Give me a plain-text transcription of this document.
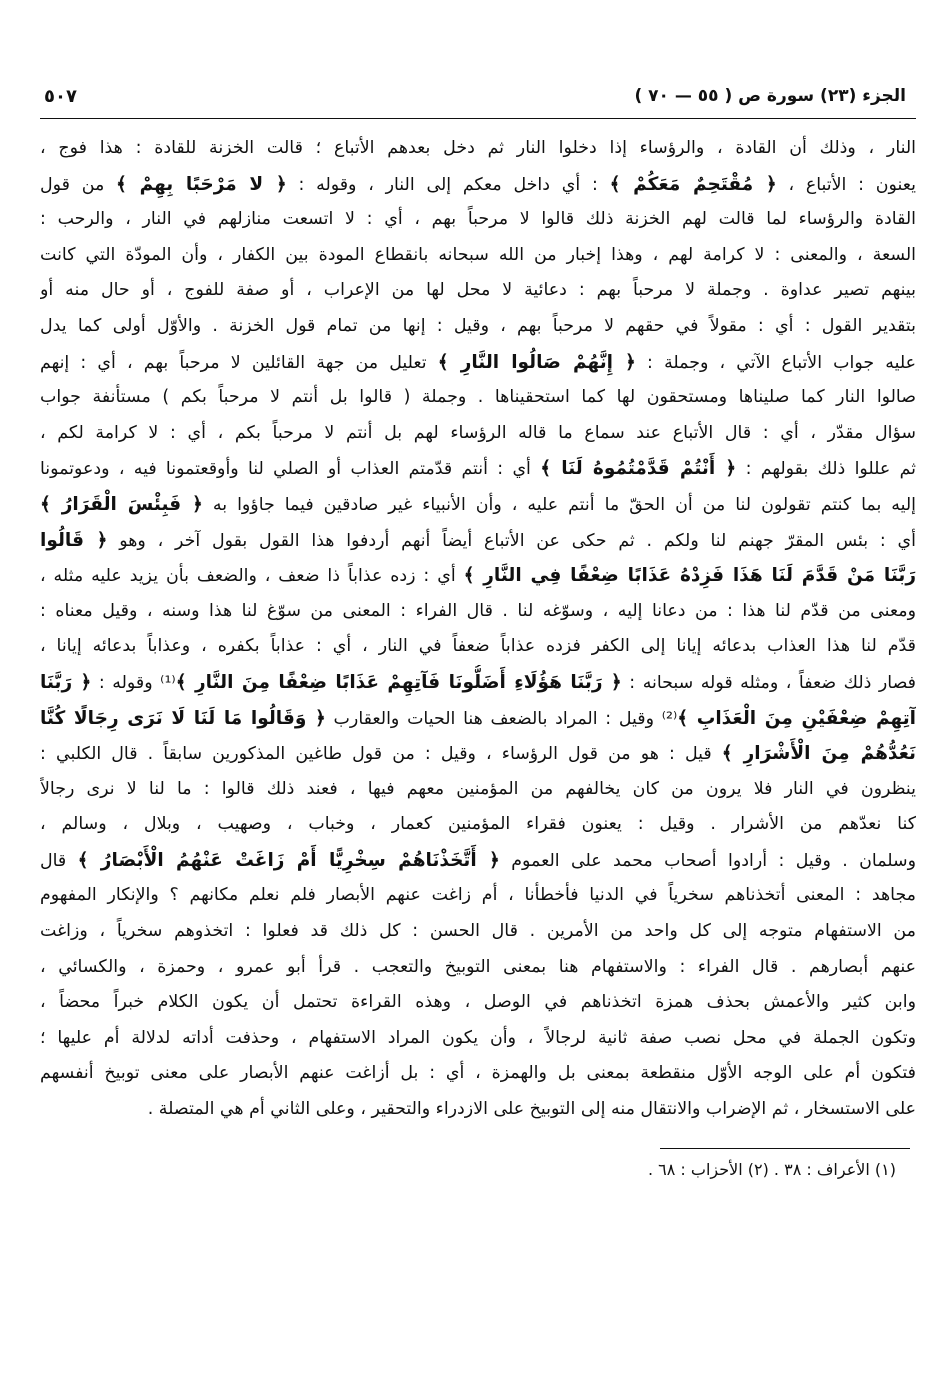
الجزء (٢٣) سورة ص ( ٥٥ — ٧٠ )
٥٠٧
النار ، وذلك أن القادة ، والرؤساء إذا دخلوا النار ثم دخل بعدهم الأتباع ؛ قالت الخزنة للقادة : هذا فوج ،
يعنون : الأتباع ، ﴿ مُقْتَحِمٌ مَعَكُمْ ﴾ : أي داخل معكم إلى النار ، وقوله : ﴿ لا مَرْحَبًا بِهِمْ ﴾ من قول
القادة والرؤساء لما قالت لهم الخزنة ذلك قالوا لا مرحباً بهم ، أي : لا اتسعت منازلهم في النار ، والرحب :
السعة ، والمعنى : لا كرامة لهم ، وهذا إخبار من الله سبحانه بانقطاع المودة بين الكفار ، وأن المودّة التي كانت
بينهم تصير عداوة . وجملة لا مرحباً بهم : دعائية لا محل لها من الإعراب ، أو صفة للفوج ، أو حال منه أو
بتقدير القول : أي : مقولاً في حقهم لا مرحباً بهم ، وقيل : إنها من تمام قول الخزنة . والأوّل أولى كما يدل
عليه جواب الأتباع الآتي ، وجملة : ﴿ إِنَّهُمْ صَالُوا النَّارِ ﴾ تعليل من جهة القائلين لا مرحباً بهم ، أي : إنهم
صالوا النار كما صليناها ومستحقون لها كما استحقيناها . وجملة ( قالوا بل أنتم لا مرحباً بكم ) مستأنفة جواب
سؤال مقدّر ، أي : قال الأتباع عند سماع ما قاله الرؤساء لهم بل أنتم لا مرحباً بكم ، أي : لا كرامة لكم ،
ثم عللوا ذلك بقولهم : ﴿ أَنْتُمْ قَدَّمْتُمُوهُ لَنَا ﴾ أي : أنتم قدّمتم العذاب أو الصلي لنا وأوقعتمونا فيه ، ودعوتمونا
إليه بما كنتم تقولون لنا من أن الحقّ ما أنتم عليه ، وأن الأنبياء غير صادقين فيما جاؤوا به ﴿ فَبِئْسَ الْقَرَارُ ﴾
أي : بئس المقرّ جهنم لنا ولكم . ثم حكى عن الأتباع أيضاً أنهم أردفوا هذا القول بقول آخر ، وهو ﴿ قَالُوا
رَبَّنَا مَنْ قَدَّمَ لَنَا هَذَا فَزِدْهُ عَذَابًا ضِعْفًا فِي النَّارِ ﴾ أي : زده عذاباً ذا ضعف ، والضعف بأن يزيد عليه مثله ،
ومعنى من قدّم لنا هذا : من دعانا إليه ، وسوّغه لنا . قال الفراء : المعنى من سوّغ لنا هذا وسنه ، وقيل معناه :
قدّم لنا هذا العذاب بدعائه إيانا إلى الكفر فزده عذاباً ضعفاً في النار ، أي : عذاباً بكفره ، وعذاباً بدعائه إيانا ،
فصار ذلك ضعفاً ، ومثله قوله سبحانه : ﴿ رَبَّنَا هَؤُلَاءِ أَضَلُّونَا فَآتِهِمْ عَذَابًا ضِعْفًا مِنَ النَّارِ ﴾⁽¹⁾ وقوله : ﴿ رَبَّنَا
آتِهِمْ ضِعْفَيْنِ مِنَ الْعَذَابِ ﴾⁽²⁾ وقيل : المراد بالضعف هنا الحيات والعقارب ﴿ وَقَالُوا مَا لَنَا لَا نَرَى رِجَالًا كُنَّا
نَعُدُّهُمْ مِنَ الْأَشْرَارِ ﴾ قيل : هو من قول الرؤساء ، وقيل : من قول طاغين المذكورين سابقاً . قال الكلبي :
ينظرون في النار فلا يرون من كان يخالفهم من المؤمنين معهم فيها ، فعند ذلك قالوا : ما لنا لا نرى رجالاً
كنا نعدّهم من الأشرار . وقيل : يعنون فقراء المؤمنين كعمار ، وخباب ، وصهيب ، وبلال ، وسالم ،
وسلمان . وقيل : أرادوا أصحاب محمد على العموم ﴿ أَتَّخَذْنَاهُمْ سِخْرِيًّا أَمْ زَاغَتْ عَنْهُمُ الْأَبْصَارُ ﴾ قال
مجاهد : المعنى أتخذناهم سخرياً في الدنيا فأخطأنا ، أم زاغت عنهم الأبصار فلم نعلم مكانهم ؟ والإنكار المفهوم
من الاستفهام متوجه إلى كل واحد من الأمرين . قال الحسن : كل ذلك قد فعلوا : اتخذوهم سخرياً ، وزاغت
عنهم أبصارهم . قال الفراء : والاستفهام هنا بمعنى التوبيخ والتعجب . قرأ أبو عمرو ، وحمزة ، والكسائي ،
وابن كثير والأعمش بحذف همزة اتخذناهم في الوصل ، وهذه القراءة تحتمل أن يكون الكلام خبراً محضاً ،
وتكون الجملة في محل نصب صفة ثانية لرجالاً ، وأن يكون المراد الاستفهام ، وحذفت أداته لدلالة أم عليها ؛
فتكون أم على الوجه الأوّل منقطعة بمعنى بل والهمزة ، أي : بل أزاغت عنهم الأبصار على معنى توبيخ أنفسهم
على الاستسخار ، ثم الإضراب والانتقال منه إلى التوبيخ على الازدراء والتحقير ، وعلى الثاني أم هي المتصلة .
(١) الأعراف : ٣٨ . (٢) الأحزاب : ٦٨ .
